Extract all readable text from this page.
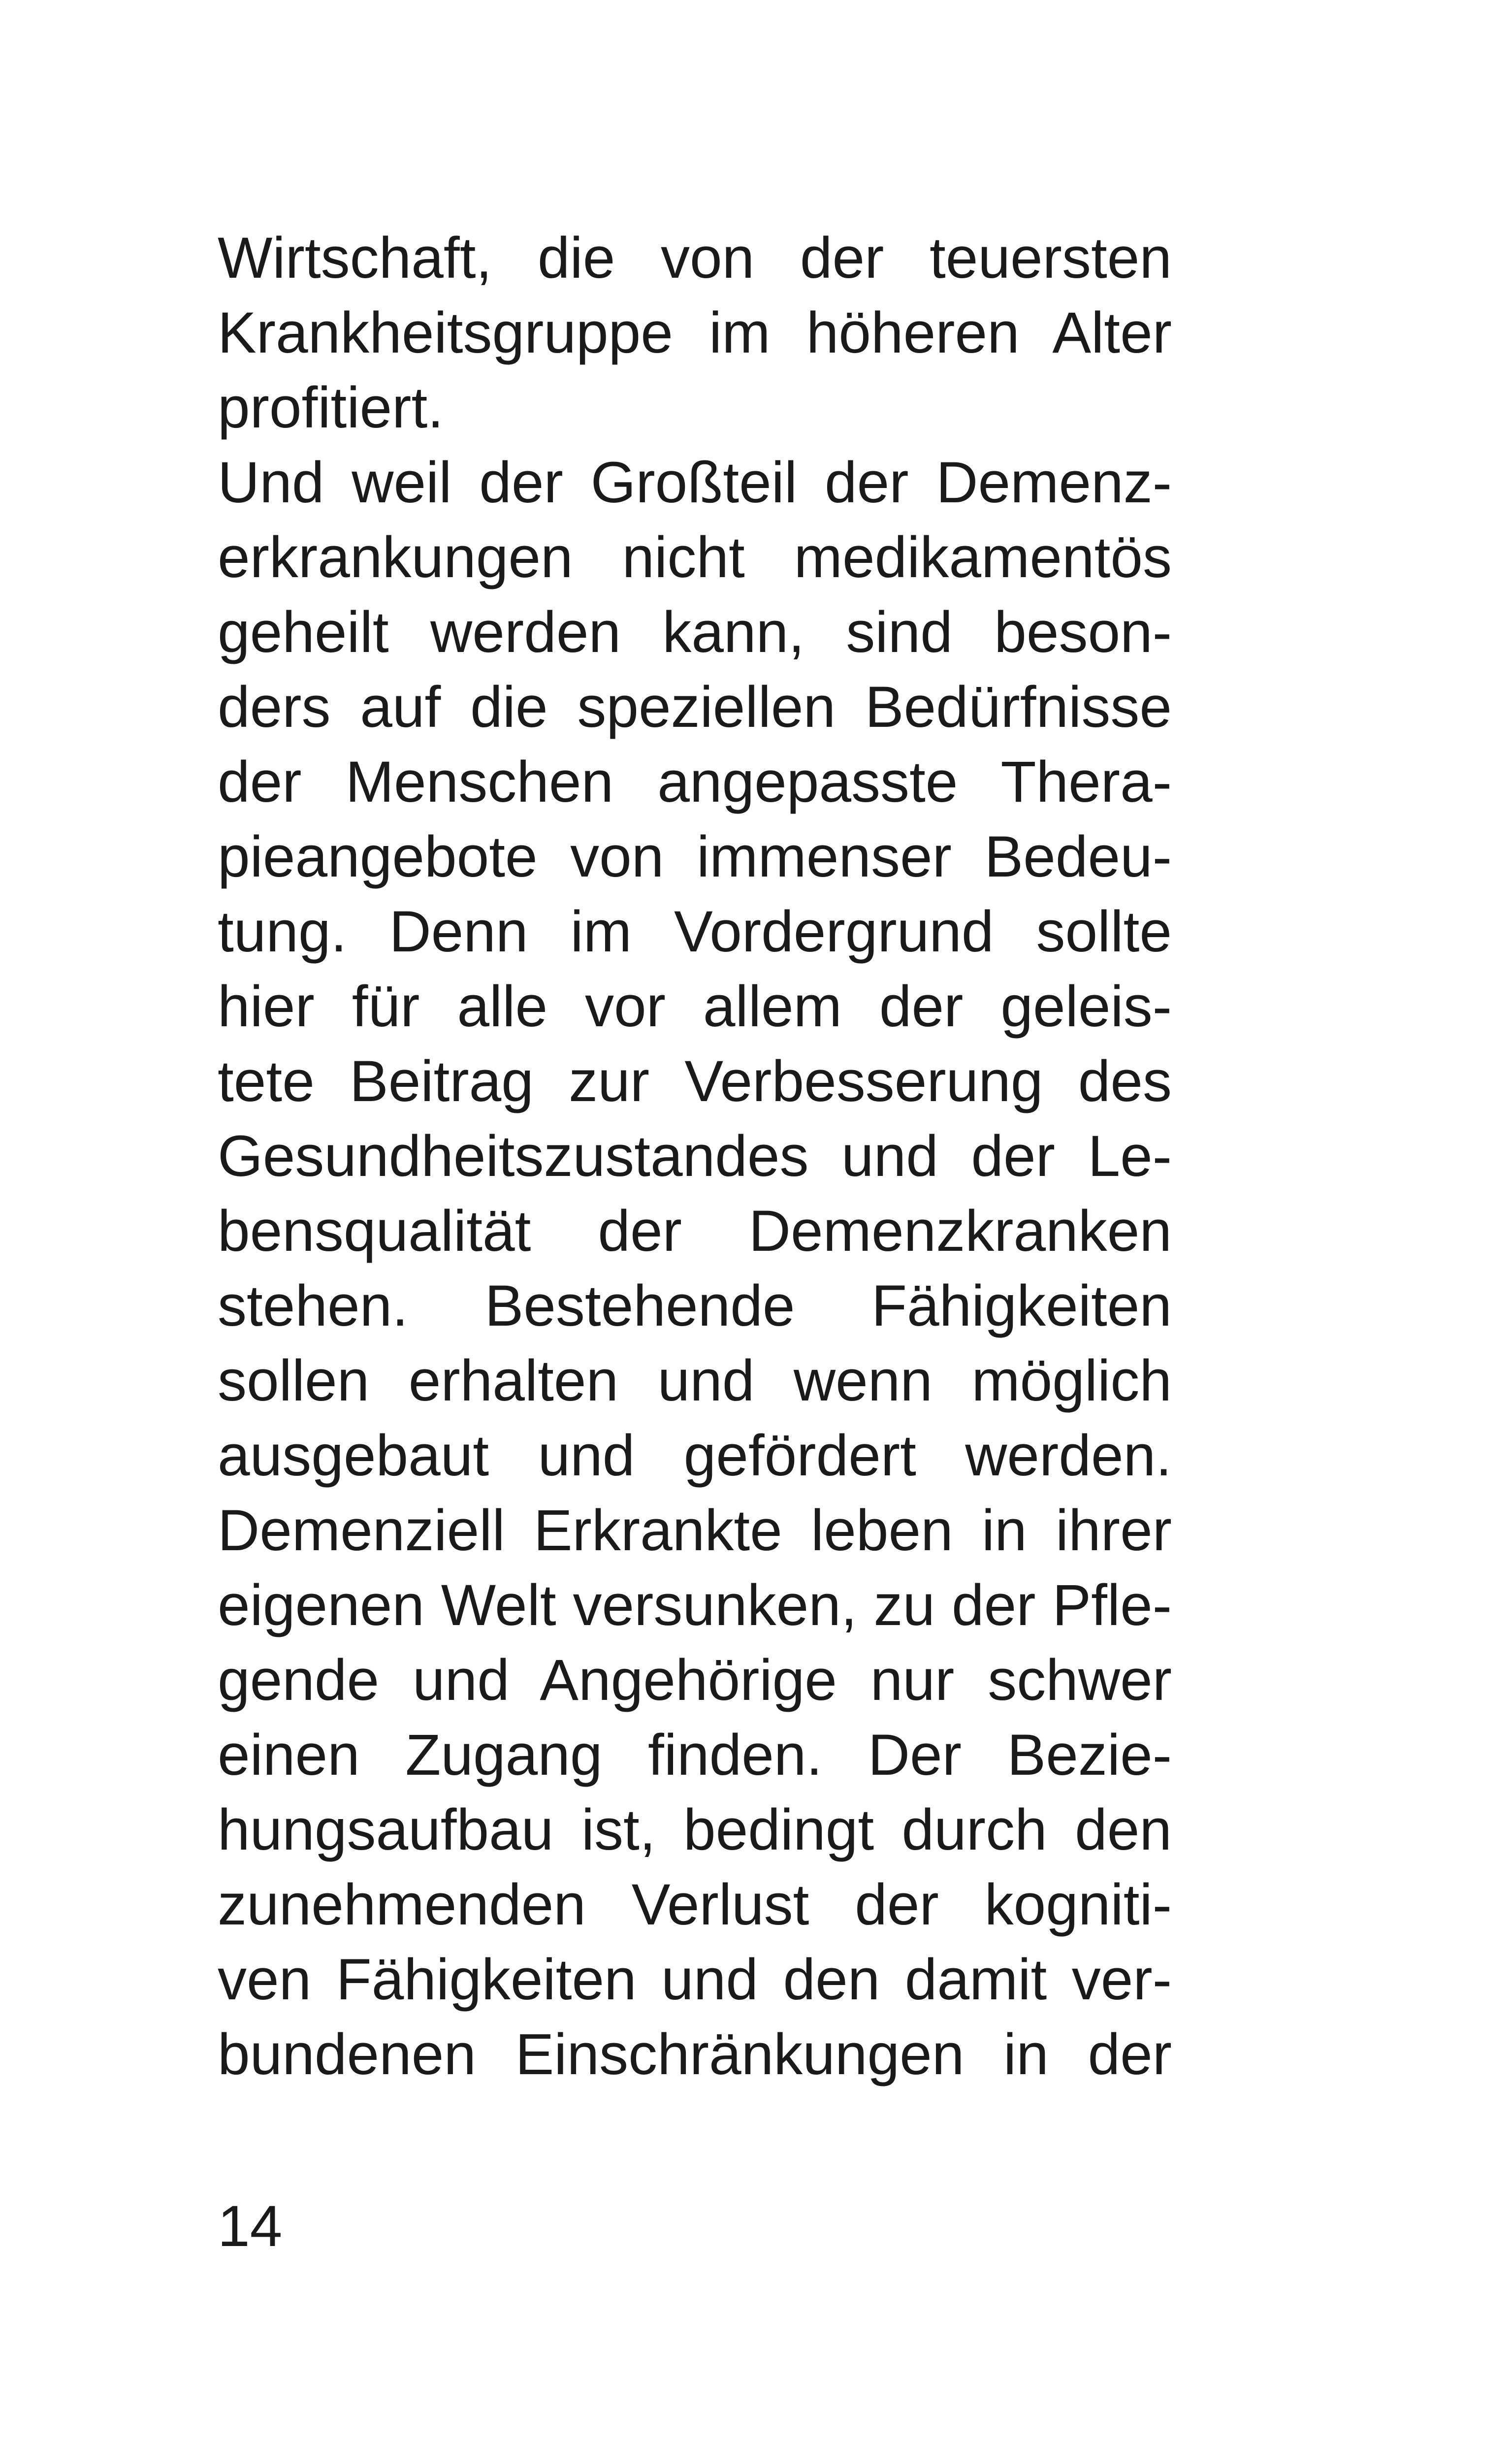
Wirtschaft, die von der teuersten
Krankheitsgruppe im höheren Alter
profitiert.
Und weil der Großteil der Demenz-
erkrankungen nicht medikamentös
geheilt werden kann, sind beson-
ders auf die speziellen Bedürfnisse
der Menschen angepasste Thera-
pieangebote von immenser Bedeu-
tung. Denn im Vordergrund sollte
hier für alle vor allem der geleis-
tete Beitrag zur Verbesserung des
Gesundheitszustandes und der Le-
bensqualität der Demenzkranken
stehen. Bestehende Fähigkeiten
sollen erhalten und wenn möglich
ausgebaut und gefördert werden.
Demenziell Erkrankte leben in ihrer
eigenen Welt versunken, zu der Pfle-
gende und Angehörige nur schwer
einen Zugang finden. Der Bezie-
hungsaufbau ist, bedingt durch den
zunehmenden Verlust der kogniti-
ven Fähigkeiten und den damit ver-
bundenen Einschränkungen in der
14
